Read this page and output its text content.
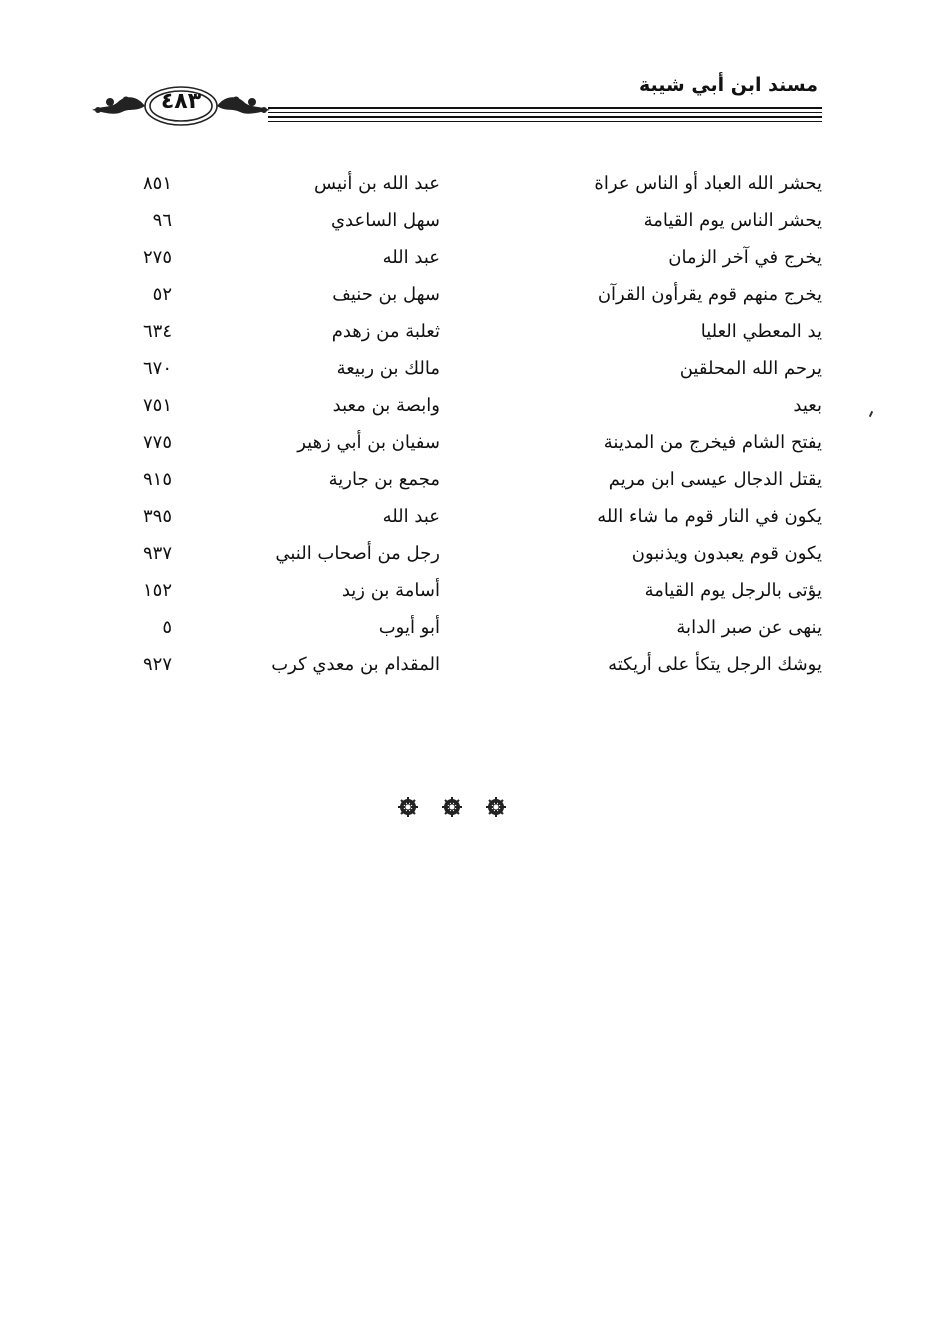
مسند ابن أبي شيبة
٤٨٣
يحشر الله العباد أو الناس عراة
عبد الله بن أنيس
٨٥١
يحشر الناس يوم القيامة
سهل الساعدي
٩٦
يخرج في آخر الزمان
عبد الله
٢٧٥
يخرج منهم قوم يقرأون القرآن
سهل بن حنيف
٥٢
يد المعطي العليا
ثعلبة من زهدم
٦٣٤
يرحم الله المحلقين
مالك بن ربيعة
٦٧٠
بعيد
وابصة بن معبد
٧٥١
يفتح الشام فيخرج من المدينة
سفيان بن أبي زهير
٧٧٥
يقتل الدجال عيسى ابن مريم
مجمع بن جارية
٩١٥
يكون في النار قوم ما شاء الله
عبد الله
٣٩٥
يكون قوم يعبدون ويذنبون
رجل من أصحاب النبي
٩٣٧
يؤتى بالرجل يوم القيامة
أسامة بن زيد
١٥٢
ينهى عن صبر الدابة
أبو أيوب
٥
يوشك الرجل يتكأ على أريكته
المقدام بن معدي كرب
٩٢٧
